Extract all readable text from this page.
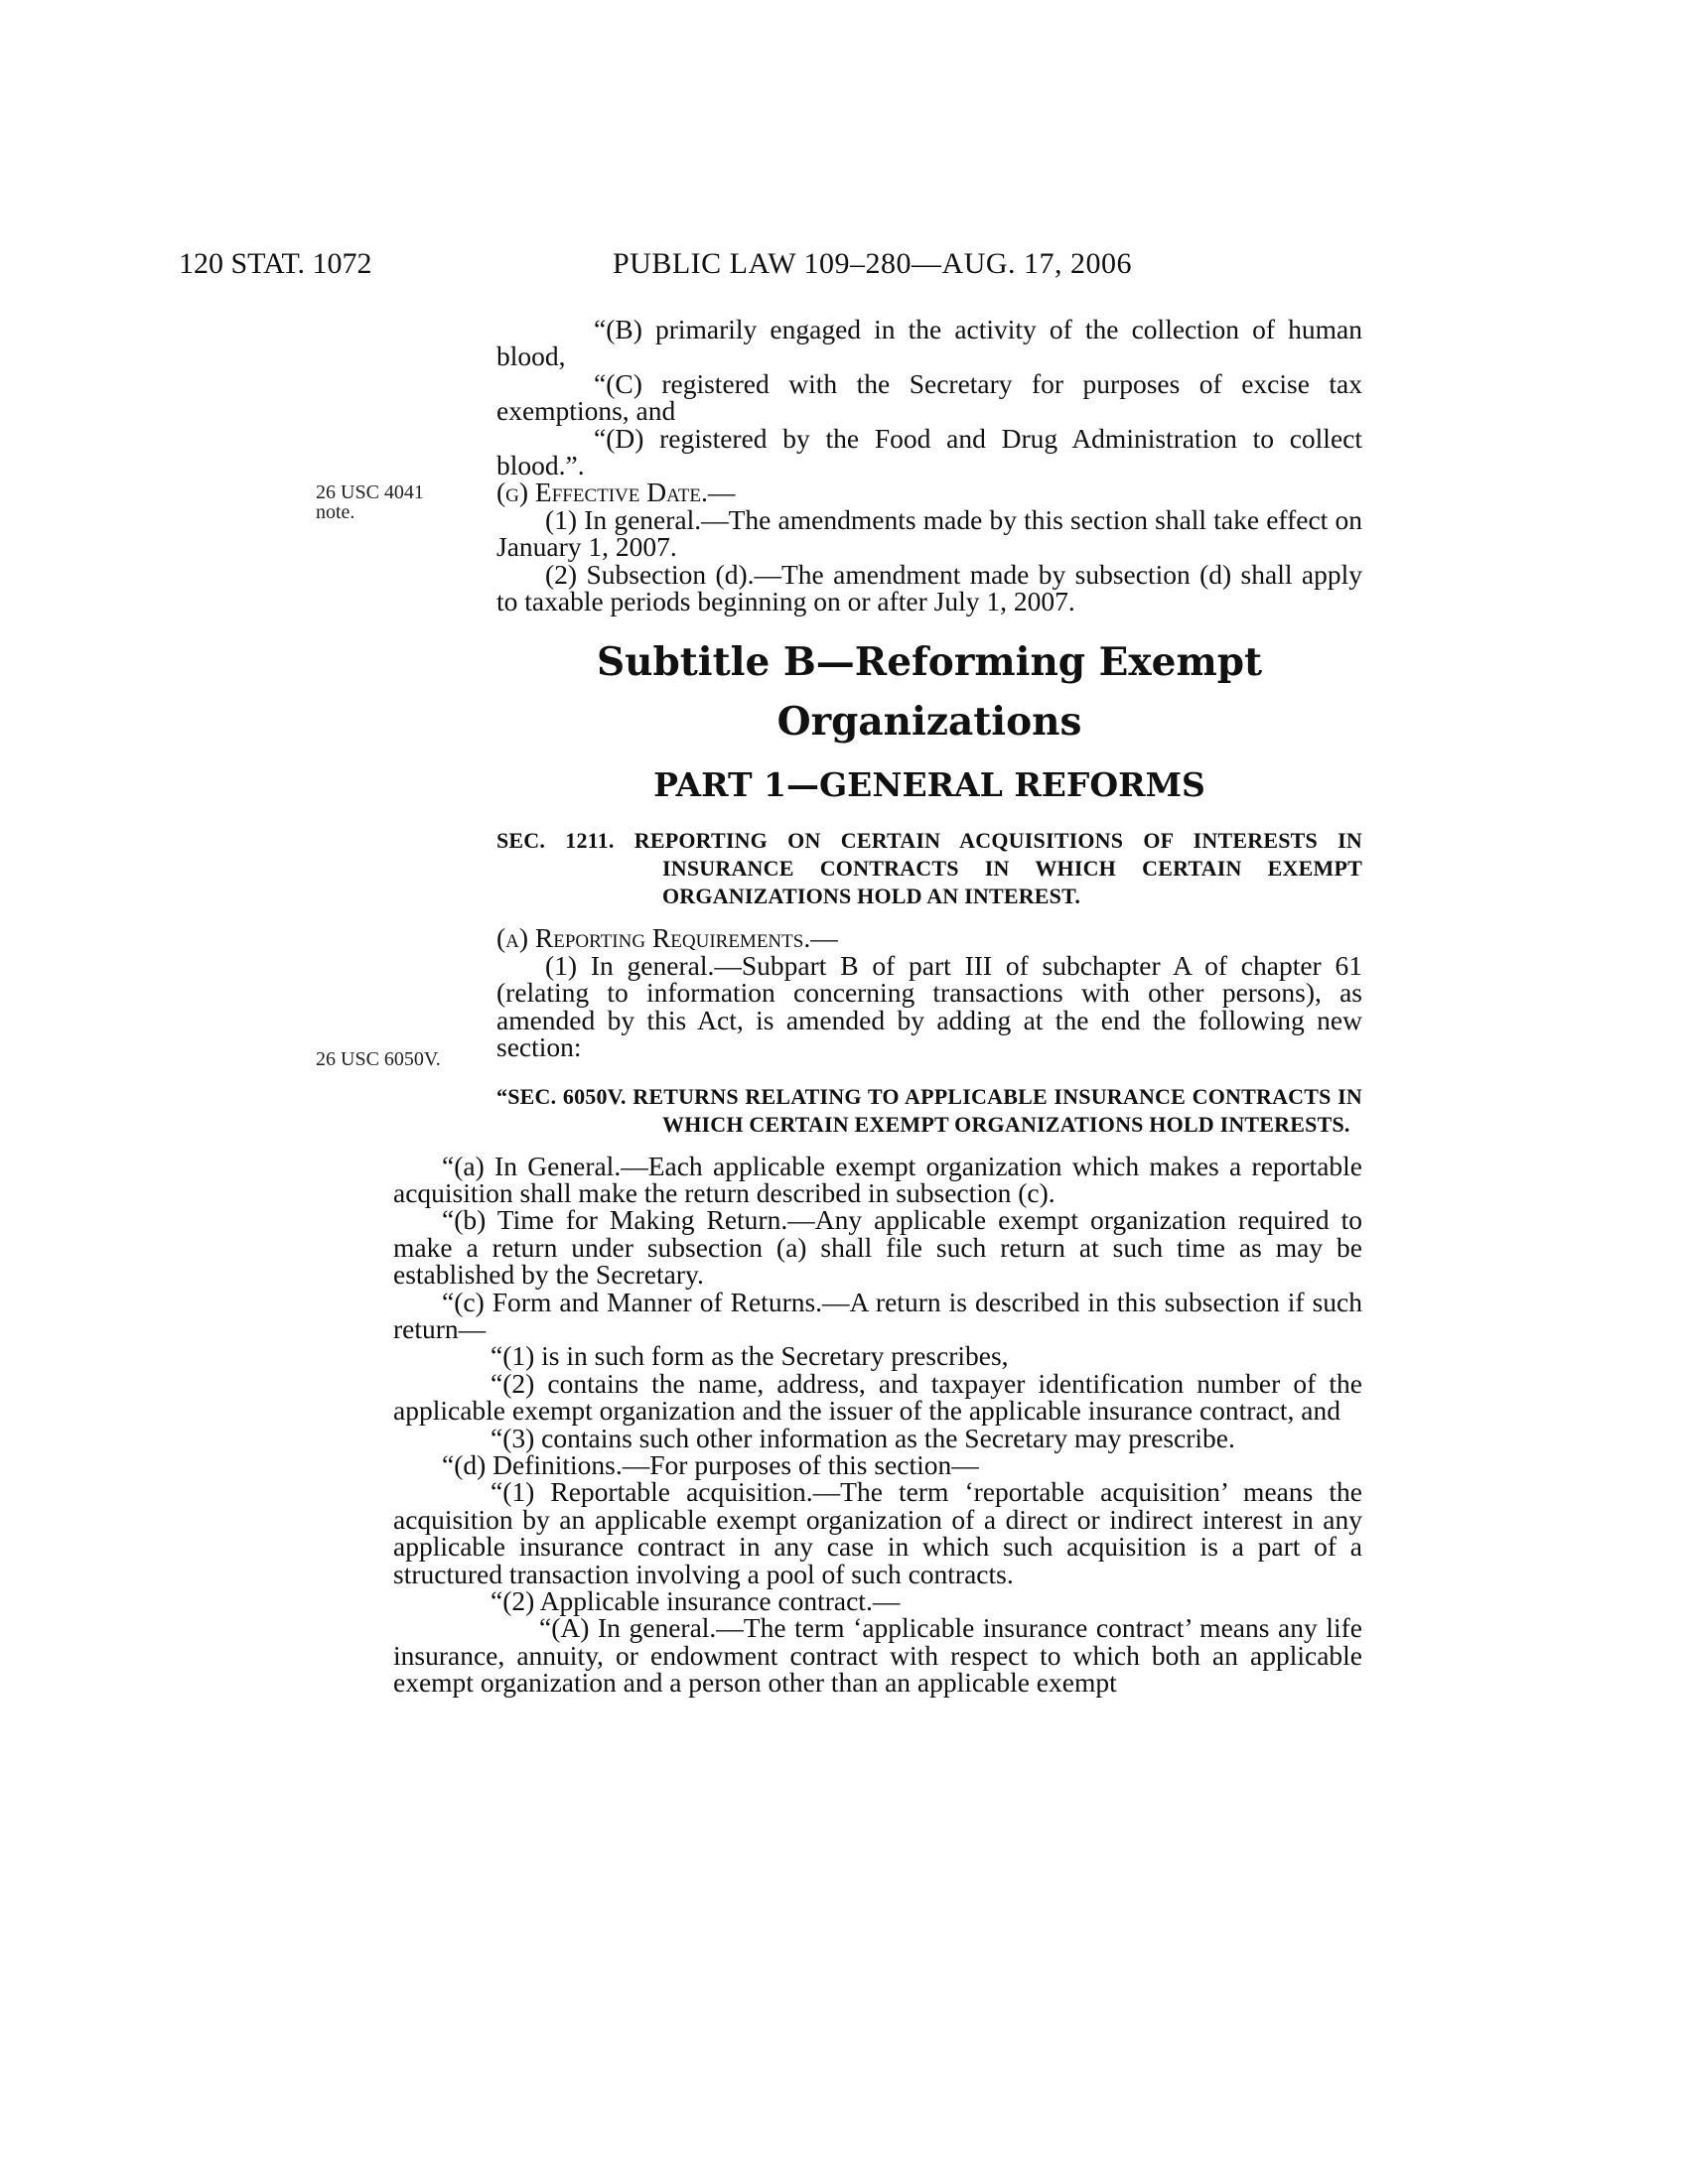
120 STAT. 1072	PUBLIC LAW 109–280—AUG. 17, 2006
26 USC 4041
note.
26 USC 6050V.

“(B) primarily engaged in the activity of the collection of human blood,

“(C) registered with the Secretary for purposes of excise tax exemptions, and

“(D) registered by the Food and Drug Administration to collect blood.”.

(g) Effective Date.—

(1) In general.—The amendments made by this section shall take effect on January 1, 2007.

(2) Subsection (d).—The amendment made by subsection (d) shall apply to taxable periods beginning on or after July 1, 2007.

Subtitle B—Reforming Exempt Organizations
PART 1—GENERAL REFORMS

SEC. 1211. REPORTING ON CERTAIN ACQUISITIONS OF INTERESTS IN INSURANCE CONTRACTS IN WHICH CERTAIN EXEMPT ORGANIZATIONS HOLD AN INTEREST.

(a) Reporting Requirements.—

(1) In general.—Subpart B of part III of subchapter A of chapter 61 (relating to information concerning transactions with other persons), as amended by this Act, is amended by adding at the end the following new section:

“SEC. 6050V. RETURNS RELATING TO APPLICABLE INSURANCE CONTRACTS IN WHICH CERTAIN EXEMPT ORGANIZATIONS HOLD INTERESTS.

“(a) In General.—Each applicable exempt organization which makes a reportable acquisition shall make the return described in subsection (c).

“(b) Time for Making Return.—Any applicable exempt organization required to make a return under subsection (a) shall file such return at such time as may be established by the Secretary.

“(c) Form and Manner of Returns.—A return is described in this subsection if such return—

“(1) is in such form as the Secretary prescribes,

“(2) contains the name, address, and taxpayer identification number of the applicable exempt organization and the issuer of the applicable insurance contract, and

“(3) contains such other information as the Secretary may prescribe.

“(d) Definitions.—For purposes of this section—

“(1) Reportable acquisition.—The term ‘reportable acquisition’ means the acquisition by an applicable exempt organization of a direct or indirect interest in any applicable insurance contract in any case in which such acquisition is a part of a structured transaction involving a pool of such contracts.

“(2) Applicable insurance contract.—

“(A) In general.—The term ‘applicable insurance contract’ means any life insurance, annuity, or endowment contract with respect to which both an applicable exempt organization and a person other than an applicable exempt
